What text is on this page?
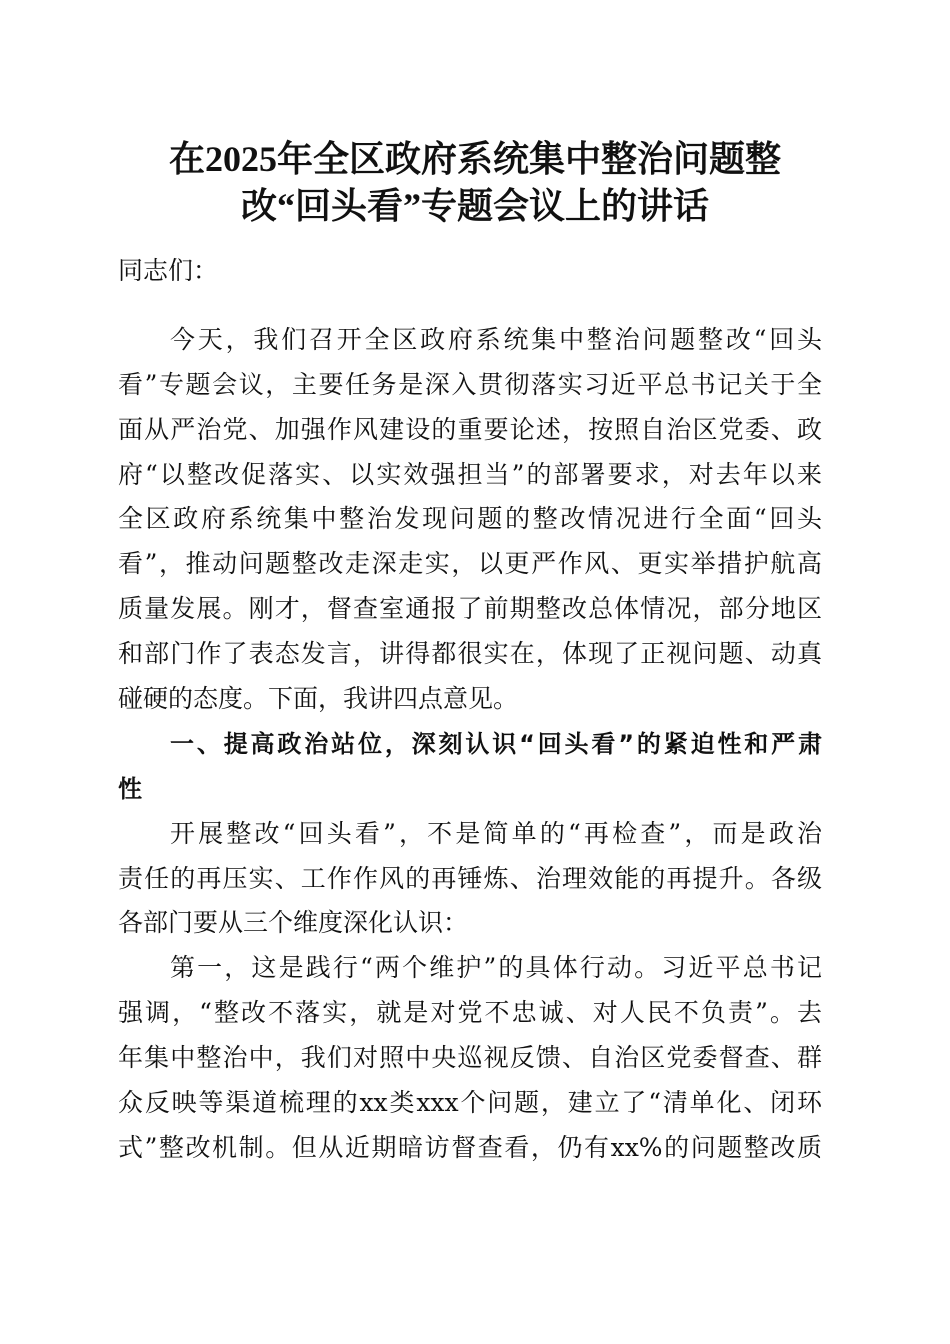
在2025年全区政府系统集中整治问题整
改“回头看”专题会议上的讲话
同志们：
今天，我们召开全区政府系统集中整治问题整改“回头
看”专题会议，主要任务是深入贯彻落实习近平总书记关于全
面从严治党、加强作风建设的重要论述，按照自治区党委、政
府“以整改促落实、以实效强担当”的部署要求，对去年以来
全区政府系统集中整治发现问题的整改情况进行全面“回头
看”，推动问题整改走深走实，以更严作风、更实举措护航高
质量发展。刚才，督查室通报了前期整改总体情况，部分地区
和部门作了表态发言，讲得都很实在，体现了正视问题、动真
碰硬的态度。下面，我讲四点意见。
一、提高政治站位，深刻认识“回头看”的紧迫性和严肃
性
开展整改“回头看”，不是简单的“再检查”，而是政治
责任的再压实、工作作风的再锤炼、治理效能的再提升。各级
各部门要从三个维度深化认识：
第一，这是践行“两个维护”的具体行动。习近平总书记
强调，“整改不落实，就是对党不忠诚、对人民不负责”。去
年集中整治中，我们对照中央巡视反馈、自治区党委督查、群
众反映等渠道梳理的xx类xxx个问题，建立了“清单化、闭环
式”整改机制。但从近期暗访督查看，仍有xx%的问题整改质
